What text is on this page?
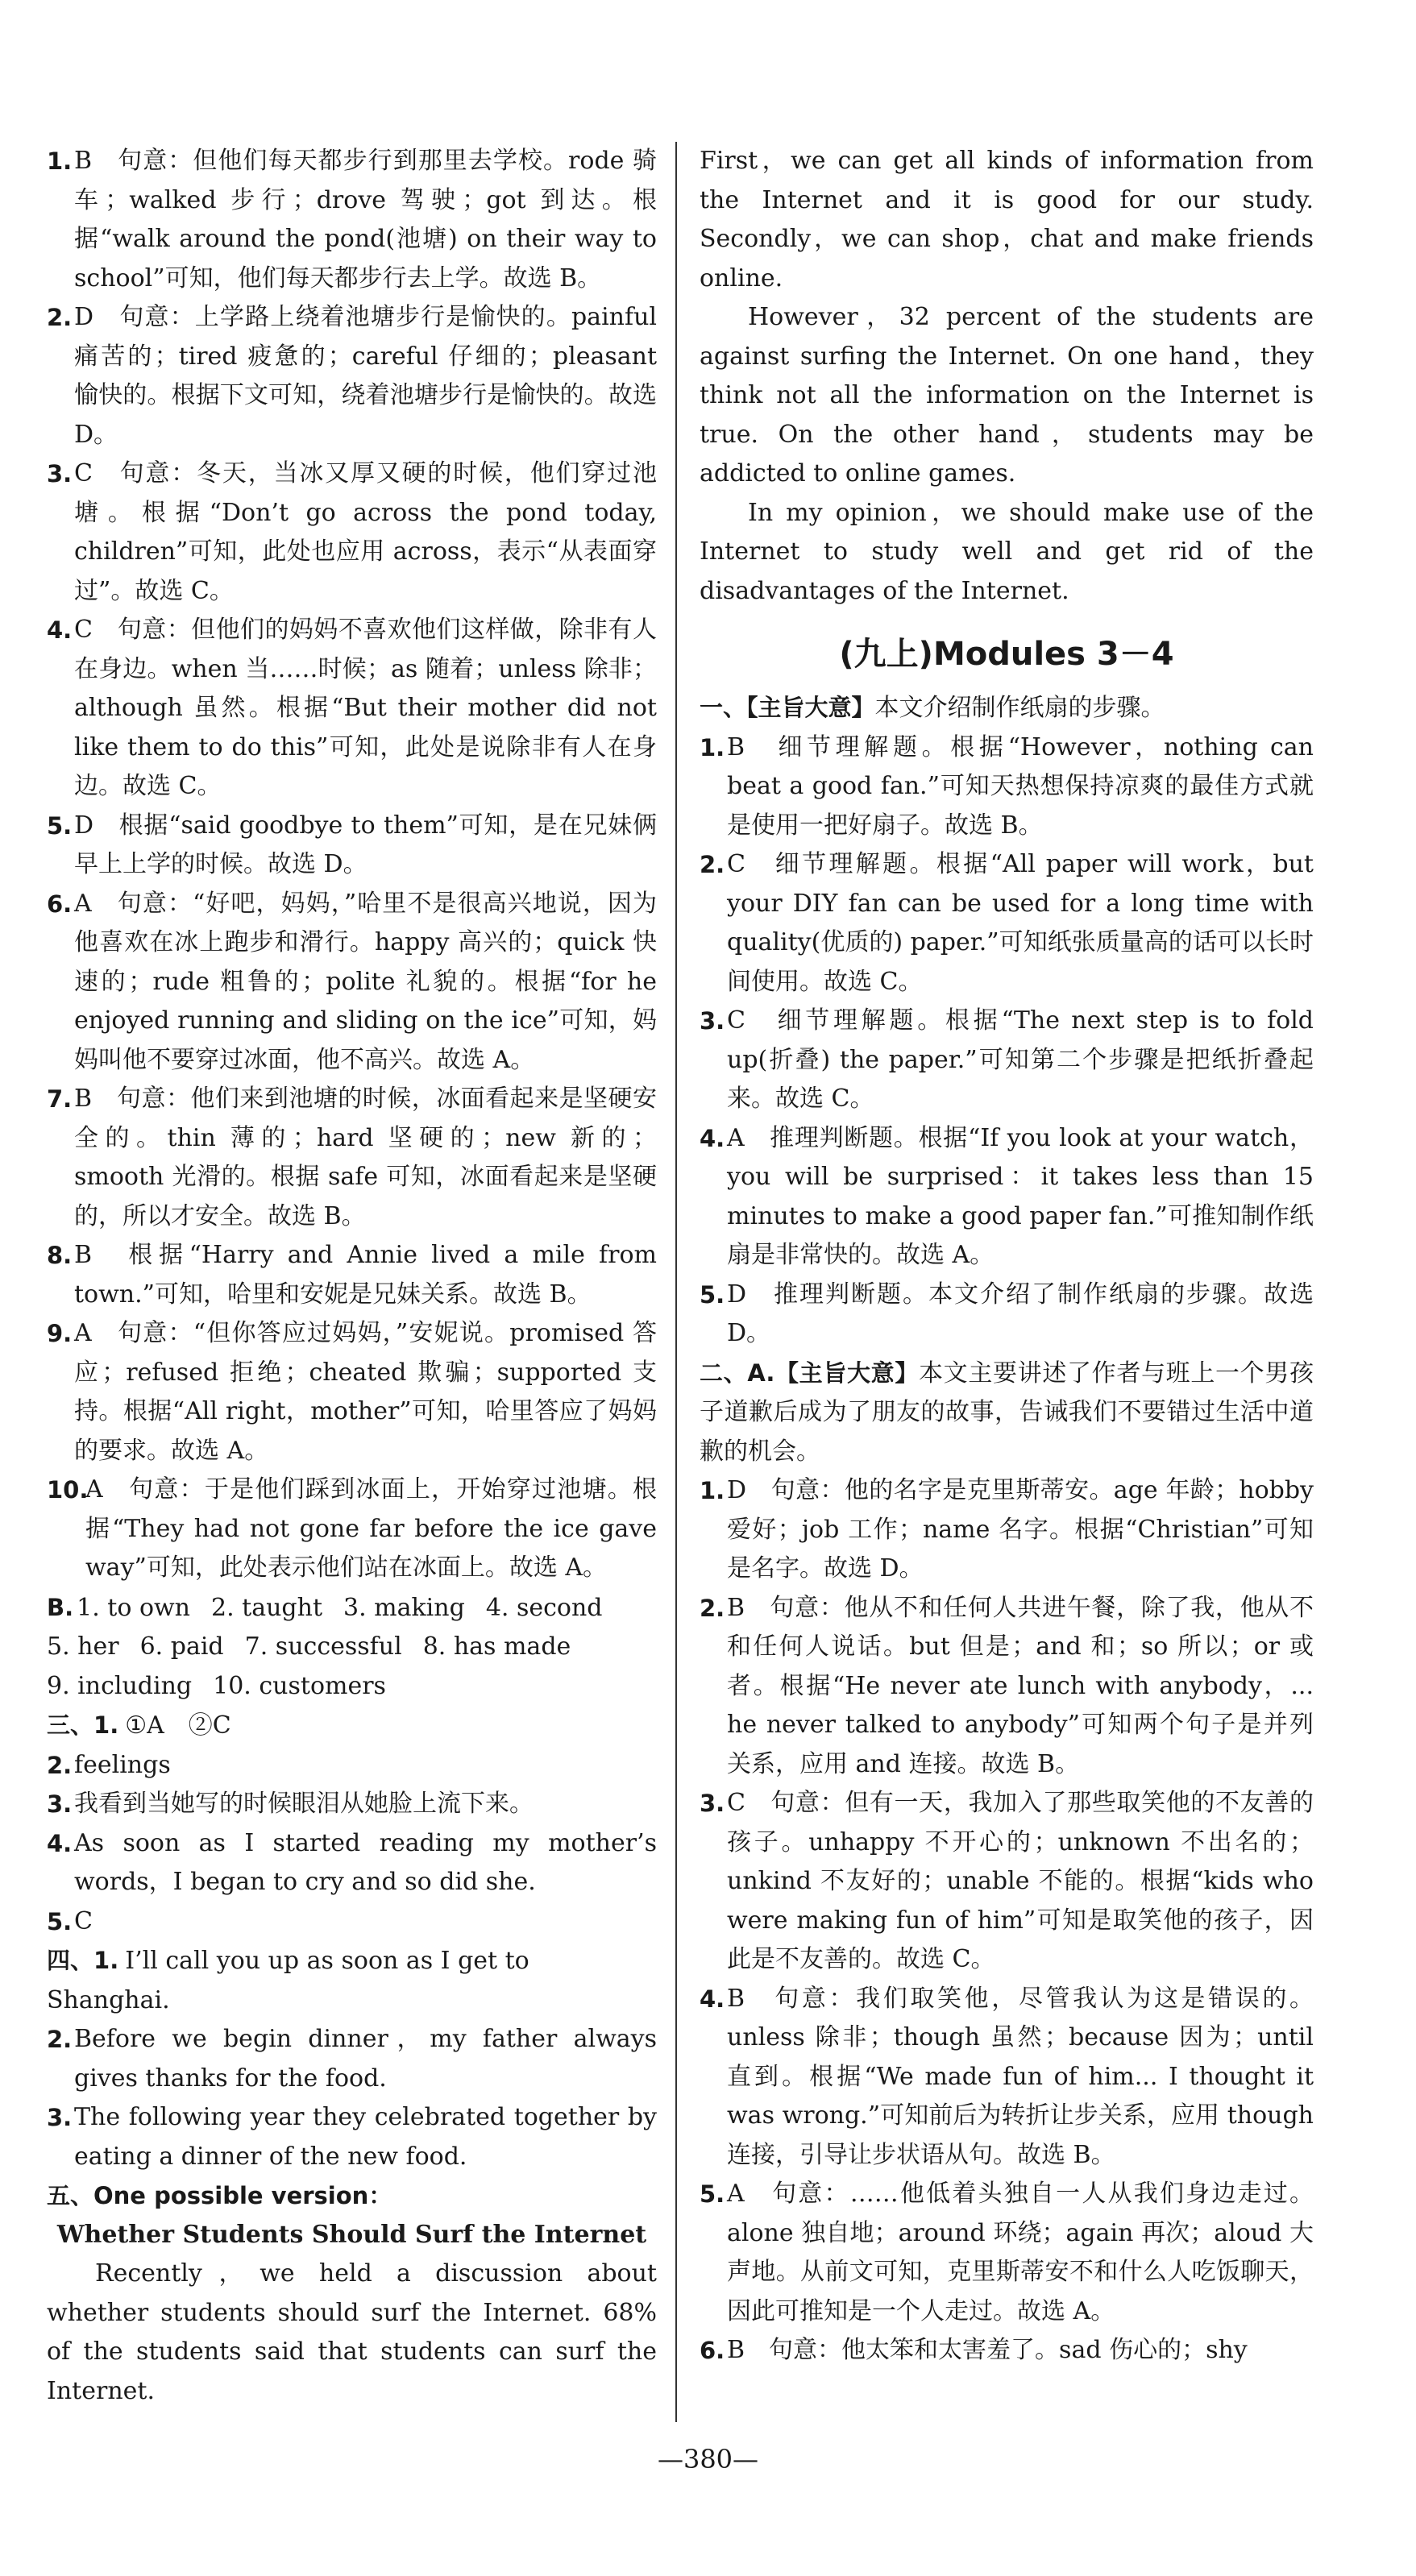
1. B　句意：但他们每天都步行到那里去学校。rode 骑车；walked 步行；drove 驾驶；got 到达。根据“walk around the pond(池塘) on their way to school”可知，他们每天都步行去上学。故选 B。

2. D　句意：上学路上绕着池塘步行是愉快的。painful 痛苦的；tired 疲惫的；careful 仔细的；pleasant 愉快的。根据下文可知，绕着池塘步行是愉快的。故选 D。

3. C　句意：冬天，当冰又厚又硬的时候，他们穿过池塘。根据“Don’t go across the pond today, children”可知，此处也应用 across，表示“从表面穿过”。故选 C。

4. C　句意：但他们的妈妈不喜欢他们这样做，除非有人在身边。when 当……时候；as 随着；unless 除非；although 虽然。根据“But their mother did not like them to do this”可知，此处是说除非有人在身边。故选 C。

5. D　根据“said goodbye to them”可知，是在兄妹俩早上上学的时候。故选 D。

6. A　句意：“好吧，妈妈，”哈里不是很高兴地说，因为他喜欢在冰上跑步和滑行。happy 高兴的；quick 快速的；rude 粗鲁的；polite 礼貌的。根据“for he enjoyed running and sliding on the ice”可知，妈妈叫他不要穿过冰面，他不高兴。故选 A。

7. B　句意：他们来到池塘的时候，冰面看起来是坚硬安全的。thin 薄的；hard 坚硬的；new 新的；smooth 光滑的。根据 safe 可知，冰面看起来是坚硬的，所以才安全。故选 B。

8. B　根据“Harry and Annie lived a mile from town.”可知，哈里和安妮是兄妹关系。故选 B。

9. A　句意：“但你答应过妈妈，”安妮说。promised 答应；refused 拒绝；cheated 欺骗；supported 支持。根据“All right，mother”可知，哈里答应了妈妈的要求。故选 A。

10.
A　句意：于是他们踩到冰面上，开始穿过池塘。根据“They had not gone far before the ice gave way”可知，此处表示他们站在冰面上。故选 A。

B. 1. to own 2. taught 3. making 4. second

5. her 6. paid 7. successful 8. has made

9. including 10. customers

三、1. ①A　②C

2. feelings

3. 我看到当她写的时候眼泪从她脸上流下来。

4. As soon as I started reading my mother’s words，I began to cry and so did she.

5. C

四、1. I’ll call you up as soon as I get to Shanghai.

2. Before we begin dinner，my father always gives thanks for the food.

3. The following year they celebrated together by eating a dinner of the new food.

五、One possible version：

Whether Students Should Surf the Internet

Recently，we held a discussion about whether students should surf the Internet. 68% of the students said that students can surf the Internet.

First，we can get all kinds of information from the Internet and it is good for our study. Secondly，we can shop，chat and make friends online.

However，32 percent of the students are against surfing the Internet. On one hand，they think not all the information on the Internet is true. On the other hand，students may be addicted to online games.

In my opinion，we should make use of the Internet to study well and get rid of the disadvantages of the Internet.

(九上)Modules 3－4

一、【主旨大意】本文介绍制作纸扇的步骤。

1. B　细节理解题。根据“However，nothing can beat a good fan.”可知天热想保持凉爽的最佳方式就是使用一把好扇子。故选 B。

2. C　细节理解题。根据“All paper will work，but your DIY fan can be used for a long time with quality(优质的) paper.”可知纸张质量高的话可以长时间使用。故选 C。

3. C　细节理解题。根据“The next step is to fold up(折叠) the paper.”可知第二个步骤是把纸折叠起来。故选 C。

4. A　推理判断题。根据“If you look at your watch，you will be surprised：it takes less than 15 minutes to make a good paper fan.”可推知制作纸扇是非常快的。故选 A。

5. D　推理判断题。本文介绍了制作纸扇的步骤。故选 D。

二、A.【主旨大意】本文主要讲述了作者与班上一个男孩子道歉后成为了朋友的故事，告诫我们不要错过生活中道歉的机会。

1. D　句意：他的名字是克里斯蒂安。age 年龄；hobby 爱好；job 工作；name 名字。根据“Christian”可知是名字。故选 D。

2. B　句意：他从不和任何人共进午餐，除了我，他从不和任何人说话。but 但是；and 和；so 所以；or 或者。根据“He never ate lunch with anybody，... he never talked to anybody”可知两个句子是并列关系，应用 and 连接。故选 B。

3. C　句意：但有一天，我加入了那些取笑他的不友善的孩子。unhappy 不开心的；unknown 不出名的；unkind 不友好的；unable 不能的。根据“kids who were making fun of him”可知是取笑他的孩子，因此是不友善的。故选 C。

4. B　句意：我们取笑他，尽管我认为这是错误的。unless 除非；though 虽然；because 因为；until 直到。根据“We made fun of him... I thought it was wrong.”可知前后为转折让步关系，应用 though 连接，引导让步状语从句。故选 B。

5. A　句意：……他低着头独自一人从我们身边走过。alone 独自地；around 环绕；again 再次；aloud 大声地。从前文可知，克里斯蒂安不和什么人吃饭聊天，因此可推知是一个人走过。故选 A。

6. B　句意：他太笨和太害羞了。sad 伤心的；shy

—380—
